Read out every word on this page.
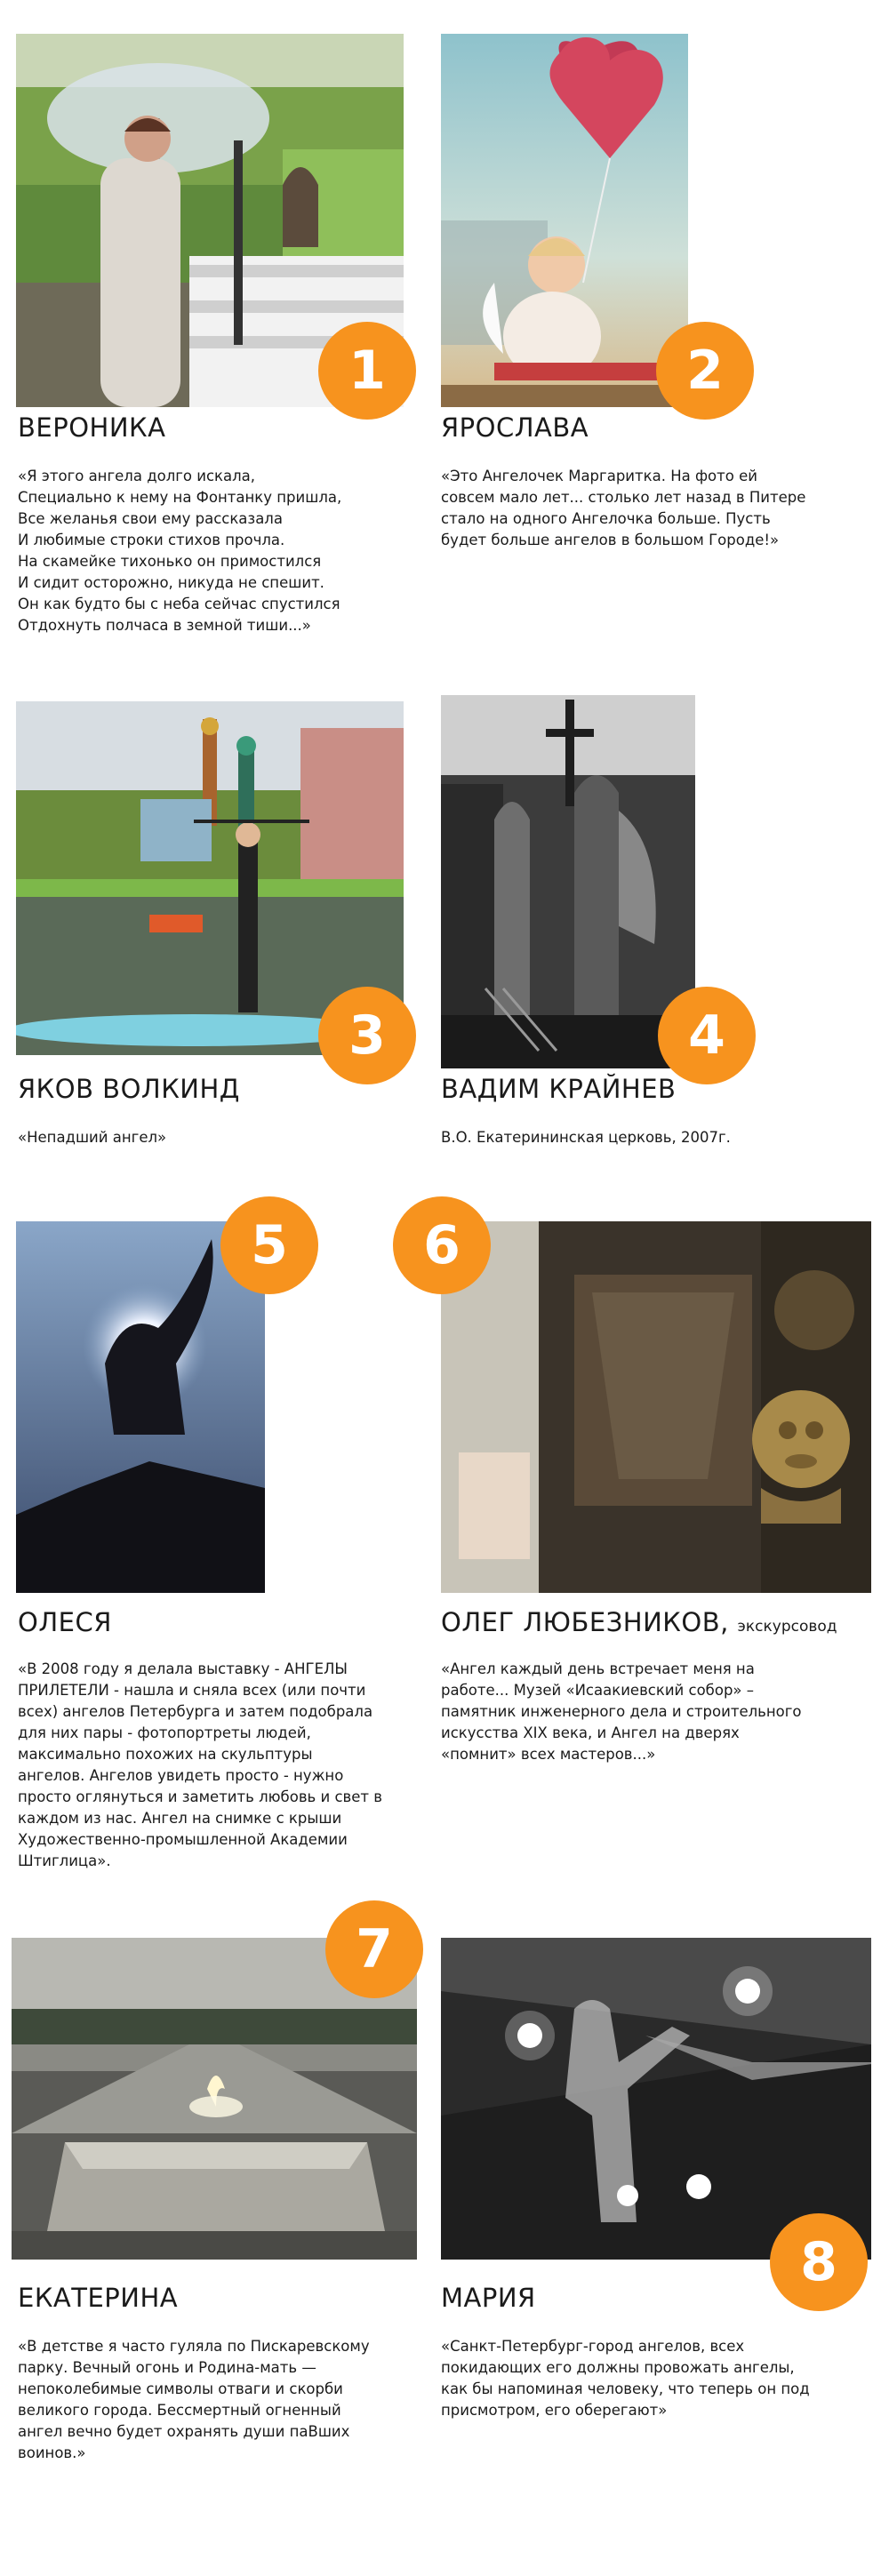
1
ВЕРОНИКА
«Я этого ангела долго искала,
Специально к нему на Фонтанку пришла,
Все желанья свои ему рассказала
И любимые строки стихов прочла.
На скамейке тихонько он примостился
И сидит осторожно, никуда не спешит.
Он как будто бы с неба сейчас спустился
Отдохнуть полчаса в земной тиши...»
2
ЯРОСЛАВА
«Это Ангелочек Маргаритка. На фото ей
совсем мало лет... столько лет назад в Питере
стало на одного Ангелочка больше. Пусть
будет больше ангелов в большом Городе!»
3
ЯКОВ ВОЛКИНД
«Непадший ангел»
4
ВАДИМ КРАЙНЕВ
В.О. Екатерининская церковь, 2007г.
5
ОЛЕСЯ
«В 2008 году я делала выставку - АНГЕЛЫ
ПРИЛЕТЕЛИ - нашла и сняла всех (или почти
всех) ангелов Петербурга и затем подобрала
для них пары - фотопортреты людей,
максимально похожих на скульптуры
ангелов. Ангелов увидеть просто - нужно
просто оглянуться и заметить любовь и свет в
каждом из нас. Ангел на снимке с крыши
Художественно-промышленной Академии
Штиглица».
6
ОЛЕГ ЛЮБЕЗНИКОВ, экскурсовод
«Ангел каждый день встречает меня на
работе... Музей «Исаакиевский собор» –
памятник инженерного дела и строительного
искусства XIX века, и Ангел на дверях
«помнит» всех мастеров...»
7
ЕКАТЕРИНА
«В детстве я часто гуляла по Пискаревскому
парку. Вечный огонь и Родина-мать —
непоколебимые символы отваги и скорби
великого города. Бессмертный огненный
ангел вечно будет охранять души паВших
воинов.»
8
МАРИЯ
«Санкт-Петербург-город ангелов, всех
покидающих его должны провожать ангелы,
как бы напоминая человеку, что теперь он под
присмотром, его оберегают»
